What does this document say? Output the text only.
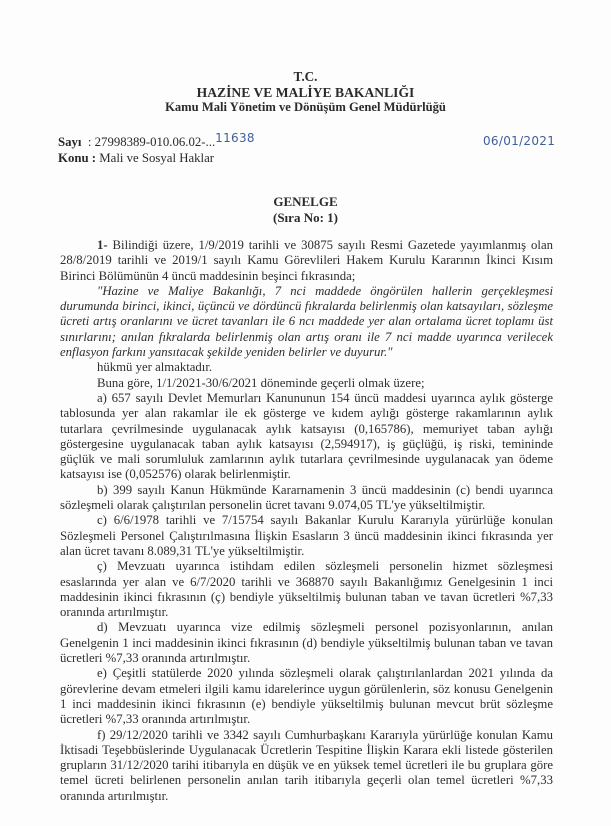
T.C.
HAZİNE VE MALİYE BAKANLIĞI
Kamu Mali Yönetim ve Dönüşüm Genel Müdürlüğü
Sayı : 27998389-010.06.02-...11638
Konu : Mali ve Sosyal Haklar
06/01/2021
GENELGE
(Sıra No: 1)

1- Bilindiği üzere, 1/9/2019 tarihli ve 30875 sayılı Resmi Gazetede yayımlanmış olan 28/8/2019 tarihli ve 2019/1 sayılı Kamu Görevlileri Hakem Kurulu Kararının İkinci Kısım Birinci Bölümünün 4 üncü maddesinin beşinci fıkrasında;

"Hazine ve Maliye Bakanlığı, 7 nci maddede öngörülen hallerin gerçekleşmesi durumunda birinci, ikinci, üçüncü ve dördüncü fıkralarda belirlenmiş olan katsayıları, sözleşme ücreti artış oranlarını ve ücret tavanları ile 6 ncı maddede yer alan ortalama ücret toplamı üst sınırlarını; anılan fıkralarda belirlenmiş olan artış oranı ile 7 nci madde uyarınca verilecek enflasyon farkını yansıtacak şekilde yeniden belirler ve duyurur."

hükmü yer almaktadır.

Buna göre, 1/1/2021-30/6/2021 döneminde geçerli olmak üzere;

a) 657 sayılı Devlet Memurları Kanununun 154 üncü maddesi uyarınca aylık gösterge tablosunda yer alan rakamlar ile ek gösterge ve kıdem aylığı gösterge rakamlarının aylık tutarlara çevrilmesinde uygulanacak aylık katsayısı (0,165786), memuriyet taban aylığı göstergesine uygulanacak taban aylık katsayısı (2,594917), iş güçlüğü, iş riski, temininde güçlük ve mali sorumluluk zamlarının aylık tutarlara çevrilmesinde uygulanacak yan ödeme katsayısı ise (0,052576) olarak belirlenmiştir.

b) 399 sayılı Kanun Hükmünde Kararnamenin 3 üncü maddesinin (c) bendi uyarınca sözleşmeli olarak çalıştırılan personelin ücret tavanı 9.074,05 TL'ye yükseltilmiştir.

c) 6/6/1978 tarihli ve 7/15754 sayılı Bakanlar Kurulu Kararıyla yürürlüğe konulan Sözleşmeli Personel Çalıştırılmasına İlişkin Esasların 3 üncü maddesinin ikinci fıkrasında yer alan ücret tavanı 8.089,31 TL'ye yükseltilmiştir.

ç) Mevzuatı uyarınca istihdam edilen sözleşmeli personelin hizmet sözleşmesi esaslarında yer alan ve 6/7/2020 tarihli ve 368870 sayılı Bakanlığımız Genelgesinin 1 inci maddesinin ikinci fıkrasının (ç) bendiyle yükseltilmiş bulunan taban ve tavan ücretleri %7,33 oranında artırılmıştır.

d) Mevzuatı uyarınca vize edilmiş sözleşmeli personel pozisyonlarının, anılan Genelgenin 1 inci maddesinin ikinci fıkrasının (d) bendiyle yükseltilmiş bulunan taban ve tavan ücretleri %7,33 oranında artırılmıştır.

e) Çeşitli statülerde 2020 yılında sözleşmeli olarak çalıştırılanlardan 2021 yılında da görevlerine devam etmeleri ilgili kamu idarelerince uygun görülenlerin, söz konusu Genelgenin 1 inci maddesinin ikinci fıkrasının (e) bendiyle yükseltilmiş bulunan mevcut brüt sözleşme ücretleri %7,33 oranında artırılmıştır.

f) 29/12/2020 tarihli ve 3342 sayılı Cumhurbaşkanı Kararıyla yürürlüğe konulan Kamu İktisadi Teşebbüslerinde Uygulanacak Ücretlerin Tespitine İlişkin Karara ekli listede gösterilen grupların 31/12/2020 tarihi itibarıyla en düşük ve en yüksek temel ücretleri ile bu gruplara göre temel ücreti belirlenen personelin anılan tarih itibarıyla geçerli olan temel ücretleri %7,33 oranında artırılmıştır.
